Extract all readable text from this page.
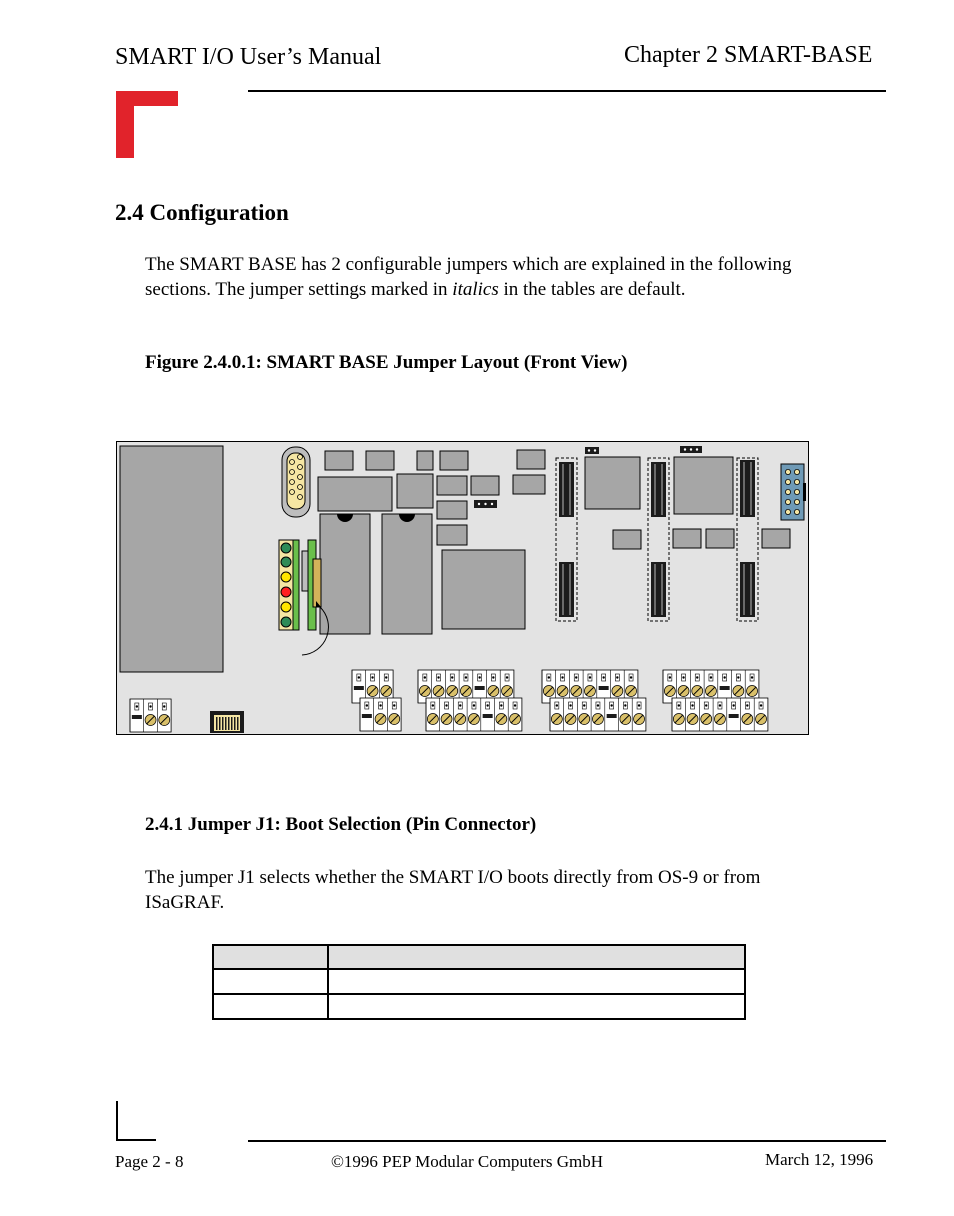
SMART I/O User’s Manual	Chapter 2 SMART-BASE
2.4 Configuration
The SMART BASE has 2 configurable jumpers which are explained in the following sections. The jumper settings marked in italics in the tables are default.
Figure 2.4.0.1: SMART BASE Jumper Layout (Front View)
2.4.1 Jumper J1: Boot Selection (Pin Connector)
The jumper J1 selects whether the SMART I/O boots directly from OS-9 or from ISaGRAF.
Page 2 - 8	©1996 PEP Modular Computers GmbH	March 12, 1996
